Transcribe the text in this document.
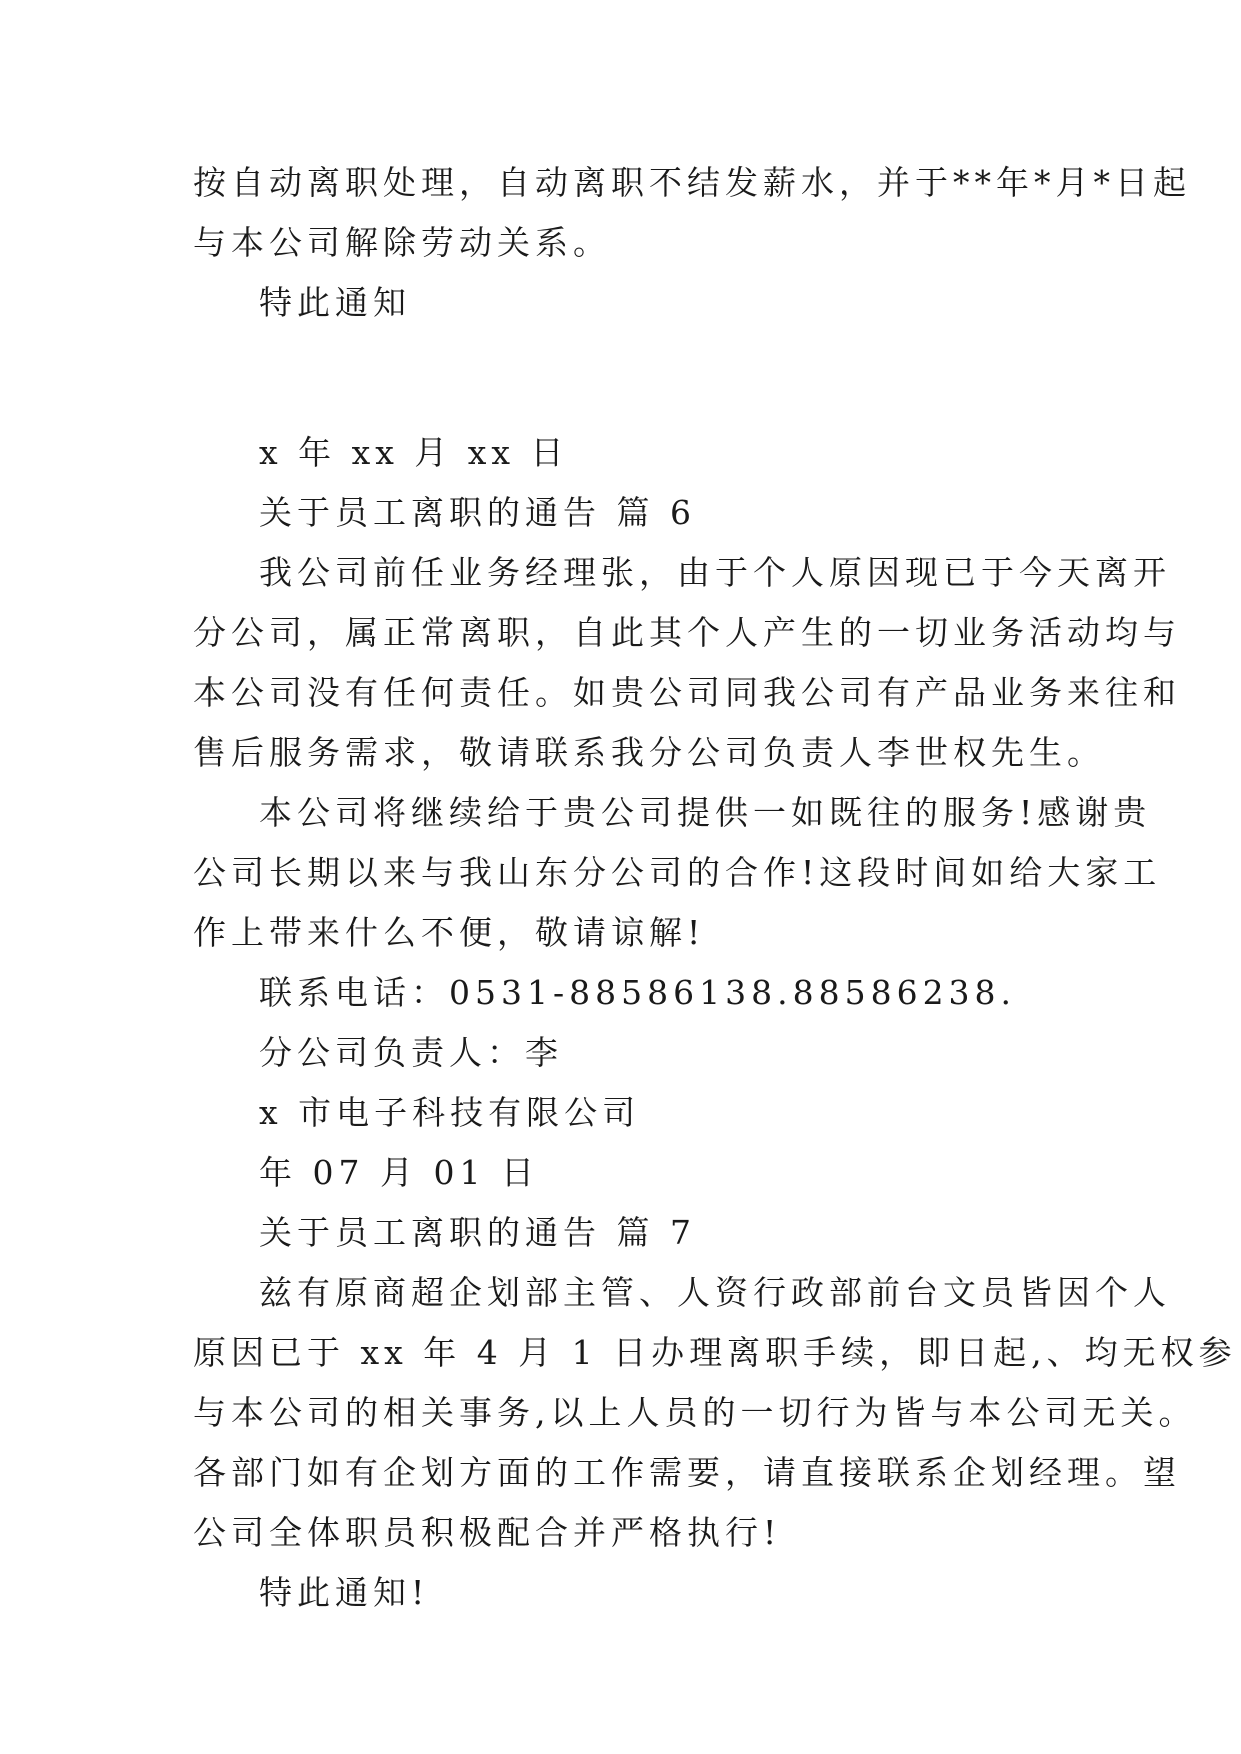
按自动离职处理，自动离职不结发薪水，并于**年*月*日起
与本公司解除劳动关系。
特此通知
x 年 xx 月 xx 日
关于员工离职的通告 篇 6
我公司前任业务经理张，由于个人原因现已于今天离开
分公司，属正常离职，自此其个人产生的一切业务活动均与
本公司没有任何责任。如贵公司同我公司有产品业务来往和
售后服务需求，敬请联系我分公司负责人李世权先生。
本公司将继续给于贵公司提供一如既往的服务!感谢贵
公司长期以来与我山东分公司的合作!这段时间如给大家工
作上带来什么不便，敬请谅解!
联系电话：0531-88586138.88586238.
分公司负责人：李
x 市电子科技有限公司
年 07 月 01 日
关于员工离职的通告 篇 7
兹有原商超企划部主管、人资行政部前台文员皆因个人
原因已于 xx 年 4 月 1 日办理离职手续，即日起,、均无权参
与本公司的相关事务,以上人员的一切行为皆与本公司无关。
各部门如有企划方面的工作需要，请直接联系企划经理。望
公司全体职员积极配合并严格执行!
特此通知!
